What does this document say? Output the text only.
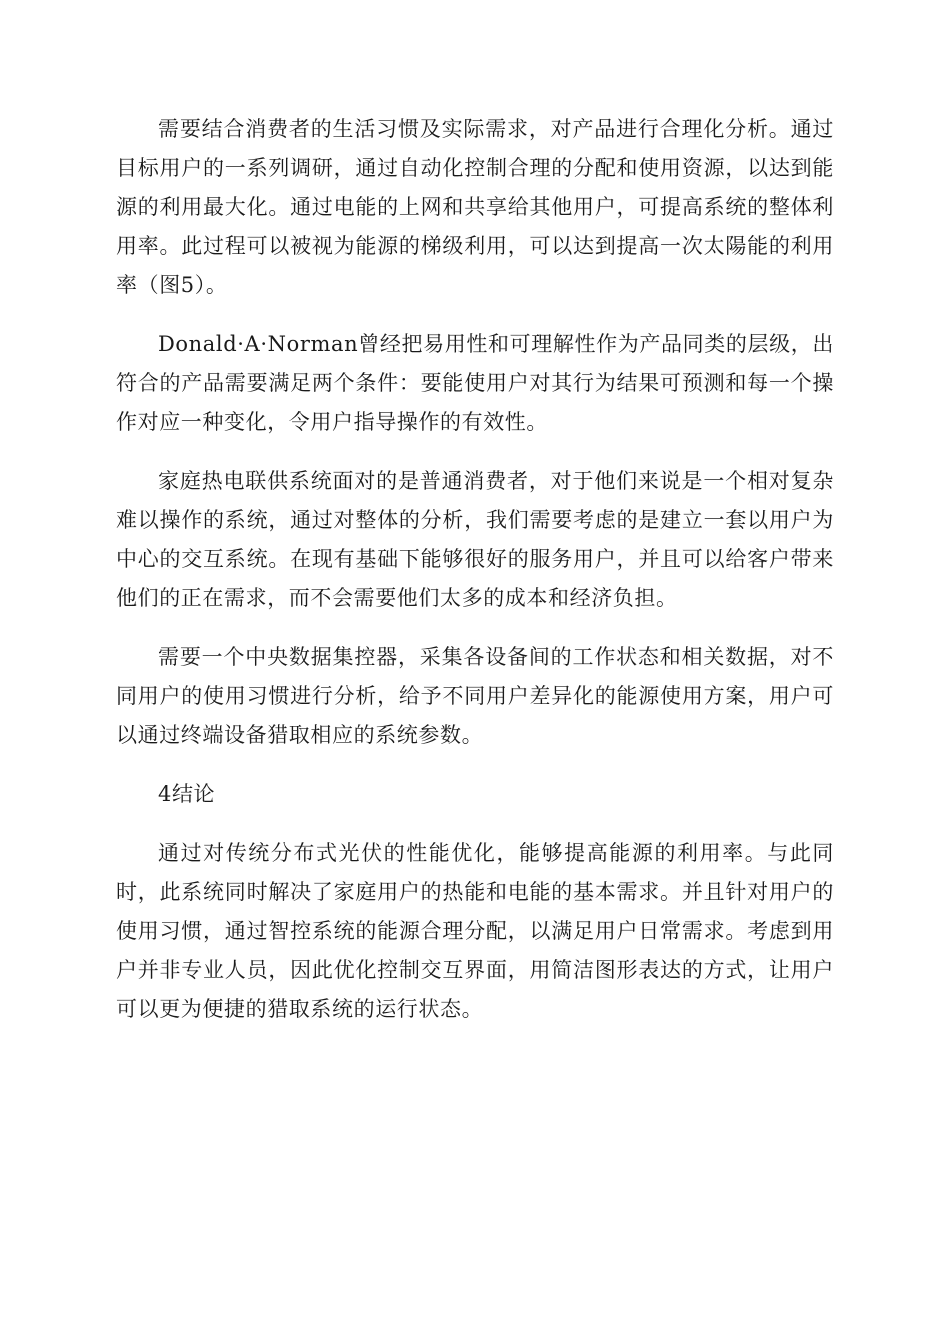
需要结合消费者的生活习惯及实际需求，对产品进行合理化分析。通过目标用户的一系列调研，通过自动化控制合理的分配和使用资源，以达到能源的利用最大化。通过电能的上网和共享给其他用户，可提高系统的整体利用率。此过程可以被视为能源的梯级利用，可以达到提高一次太陽能的利用率（图5）。

Donald·A·Norman曾经把易用性和可理解性作为产品同类的层级，出符合的产品需要满足两个条件：要能使用户对其行为结果可预测和每一个操作对应一种变化，令用户指导操作的有效性。

家庭热电联供系统面对的是普通消费者，对于他们来说是一个相对复杂难以操作的系统，通过对整体的分析，我们需要考虑的是建立一套以用户为中心的交互系统。在现有基础下能够很好的服务用户，并且可以给客户带来他们的正在需求，而不会需要他们太多的成本和经济负担。

需要一个中央数据集控器，采集各设备间的工作状态和相关数据，对不同用户的使用习惯进行分析，给予不同用户差异化的能源使用方案，用户可以通过终端设备猎取相应的系统参数。

4结论

通过对传统分布式光伏的性能优化，能够提高能源的利用率。与此同时，此系统同时解决了家庭用户的热能和电能的基本需求。并且针对用户的使用习惯，通过智控系统的能源合理分配，以满足用户日常需求。考虑到用户并非专业人员，因此优化控制交互界面，用简洁图形表达的方式，让用户可以更为便捷的猎取系统的运行状态。
